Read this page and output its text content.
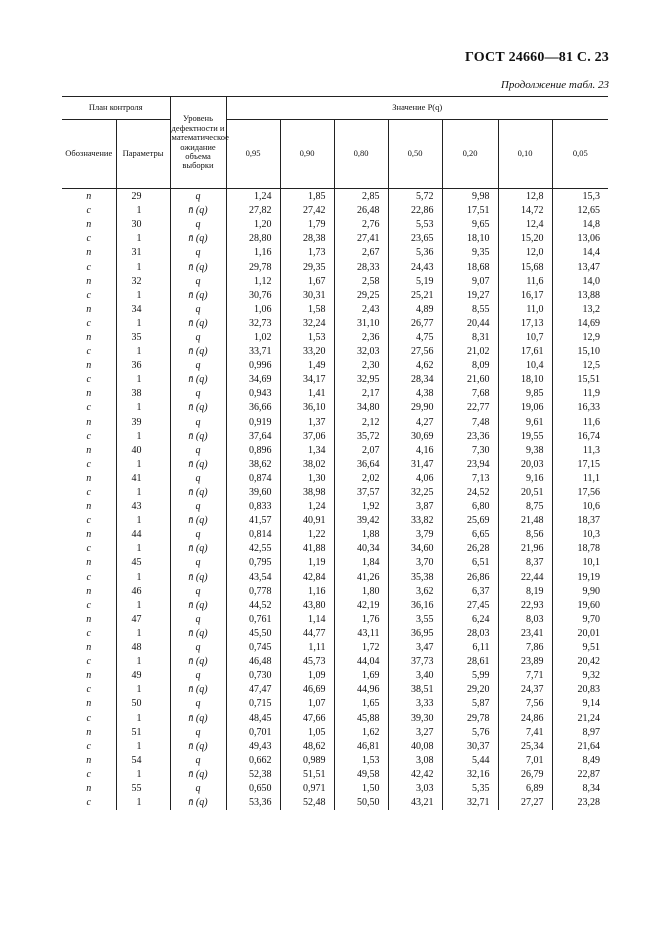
ГОСТ 24660—81 С. 23
Продолжение табл. 23
План контроля		Уровень дефектности и математическое ожидание объема выборки	Значение P(q)						
Обозначение	Параметры		0,95	0,90	0,80	0,50	0,20	0,10	0,05
n	29	q	1,24	1,85	2,85	5,72	9,98	12,8	15,3
c	1	n̄ (q)	27,82	27,42	26,48	22,86	17,51	14,72	12,65
n	30	q	1,20	1,79	2,76	5,53	9,65	12,4	14,8
c	1	n̄ (q)	28,80	28,38	27,41	23,65	18,10	15,20	13,06
n	31	q	1,16	1,73	2,67	5,36	9,35	12,0	14,4
c	1	n̄ (q)	29,78	29,35	28,33	24,43	18,68	15,68	13,47
n	32	q	1,12	1,67	2,58	5,19	9,07	11,6	14,0
c	1	n̄ (q)	30,76	30,31	29,25	25,21	19,27	16,17	13,88
n	34	q	1,06	1,58	2,43	4,89	8,55	11,0	13,2
c	1	n̄ (q)	32,73	32,24	31,10	26,77	20,44	17,13	14,69
n	35	q	1,02	1,53	2,36	4,75	8,31	10,7	12,9
c	1	n̄ (q)	33,71	33,20	32,03	27,56	21,02	17,61	15,10
n	36	q	0,996	1,49	2,30	4,62	8,09	10,4	12,5
c	1	n̄ (q)	34,69	34,17	32,95	28,34	21,60	18,10	15,51
n	38	q	0,943	1,41	2,17	4,38	7,68	9,85	11,9
c	1	n̄ (q)	36,66	36,10	34,80	29,90	22,77	19,06	16,33
n	39	q	0,919	1,37	2,12	4,27	7,48	9,61	11,6
c	1	n̄ (q)	37,64	37,06	35,72	30,69	23,36	19,55	16,74
n	40	q	0,896	1,34	2,07	4,16	7,30	9,38	11,3
c	1	n̄ (q)	38,62	38,02	36,64	31,47	23,94	20,03	17,15
n	41	q	0,874	1,30	2,02	4,06	7,13	9,16	11,1
c	1	n̄ (q)	39,60	38,98	37,57	32,25	24,52	20,51	17,56
n	43	q	0,833	1,24	1,92	3,87	6,80	8,75	10,6
c	1	n̄ (q)	41,57	40,91	39,42	33,82	25,69	21,48	18,37
n	44	q	0,814	1,22	1,88	3,79	6,65	8,56	10,3
c	1	n̄ (q)	42,55	41,88	40,34	34,60	26,28	21,96	18,78
n	45	q	0,795	1,19	1,84	3,70	6,51	8,37	10,1
c	1	n̄ (q)	43,54	42,84	41,26	35,38	26,86	22,44	19,19
n	46	q	0,778	1,16	1,80	3,62	6,37	8,19	9,90
c	1	n̄ (q)	44,52	43,80	42,19	36,16	27,45	22,93	19,60
n	47	q	0,761	1,14	1,76	3,55	6,24	8,03	9,70
c	1	n̄ (q)	45,50	44,77	43,11	36,95	28,03	23,41	20,01
n	48	q	0,745	1,11	1,72	3,47	6,11	7,86	9,51
c	1	n̄ (q)	46,48	45,73	44,04	37,73	28,61	23,89	20,42
n	49	q	0,730	1,09	1,69	3,40	5,99	7,71	9,32
c	1	n̄ (q)	47,47	46,69	44,96	38,51	29,20	24,37	20,83
n	50	q	0,715	1,07	1,65	3,33	5,87	7,56	9,14
c	1	n̄ (q)	48,45	47,66	45,88	39,30	29,78	24,86	21,24
n	51	q	0,701	1,05	1,62	3,27	5,76	7,41	8,97
c	1	n̄ (q)	49,43	48,62	46,81	40,08	30,37	25,34	21,64
n	54	q	0,662	0,989	1,53	3,08	5,44	7,01	8,49
c	1	n̄ (q)	52,38	51,51	49,58	42,42	32,16	26,79	22,87
n	55	q	0,650	0,971	1,50	3,03	5,35	6,89	8,34
c	1	n̄ (q)	53,36	52,48	50,50	43,21	32,71	27,27	23,28
